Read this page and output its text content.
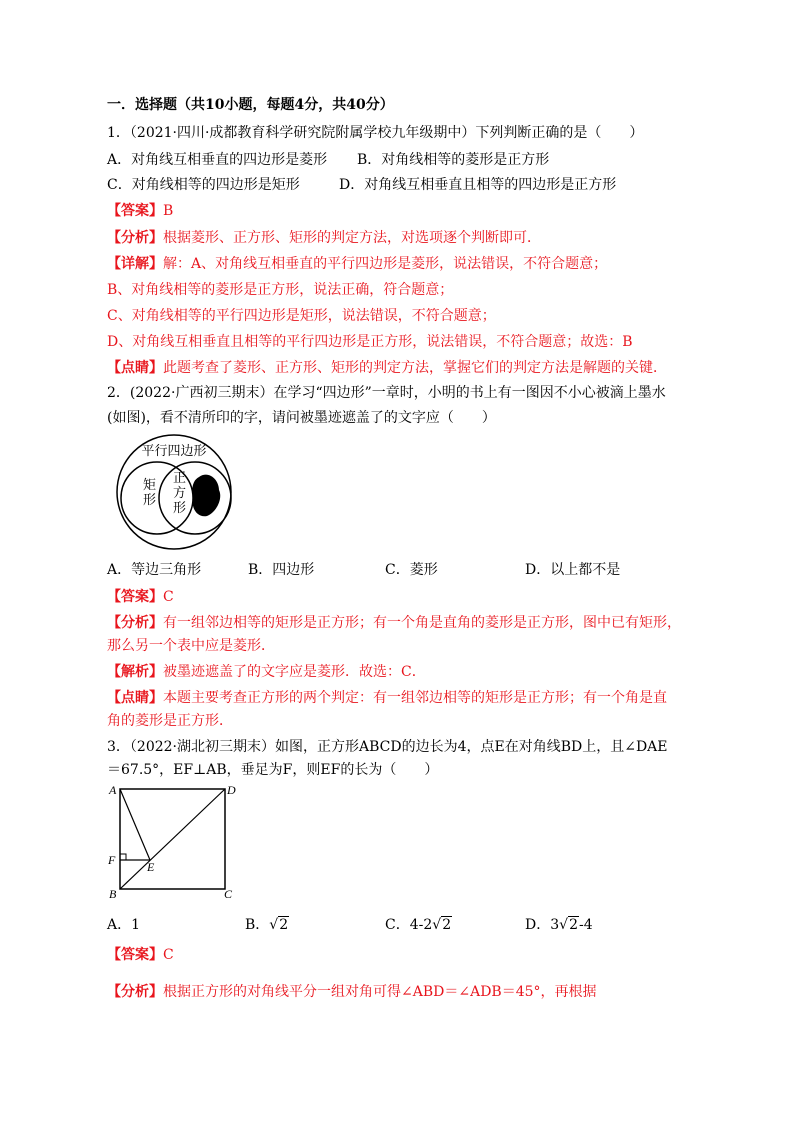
一．选择题（共10小题，每题4分，共40分）
1．（2021·四川·成都教育科学研究院附属学校九年级期中）下列判断正确的是（　　）
A．对角线互相垂直的四边形是菱形 B．对角线相等的菱形是正方形
C．对角线相等的四边形是矩形	D．对角线互相垂直且相等的四边形是正方形
【答案】B
【分析】根据菱形、正方形、矩形的判定方法，对选项逐个判断即可．
【详解】解：A、对角线互相垂直的平行四边形是菱形，说法错误，不符合题意；
B、对角线相等的菱形是正方形，说法正确，符合题意；
C、对角线相等的平行四边形是矩形，说法错误，不符合题意；
D、对角线互相垂直且相等的平行四边形是正方形，说法错误，不符合题意；故选：B
【点睛】此题考查了菱形、正方形、矩形的判定方法，掌握它们的判定方法是解题的关键．
2．(2022·广西初三期末）在学习“四边形”一章时，小明的书上有一图因不小心被滴上墨水
(如图)，看不清所印的字，请问被墨迹遮盖了的文字应（　　）
平行四边形
矩形
正方形
A．等边三角形	B．四边形	C．菱形	D．以上都不是
【答案】C
【分析】有一组邻边相等的矩形是正方形；有一个角是直角的菱形是正方形，图中已有矩形，
那么另一个表中应是菱形．
【解析】被墨迹遮盖了的文字应是菱形．故选：C．
【点睛】本题主要考查正方形的两个判定：有一组邻边相等的矩形是正方形；有一个角是直
角的菱形是正方形．
3．（2022·湖北初三期末）如图，正方形ABCD的边长为4，点E在对角线BD上，且∠DAE
＝67.5°，EF⊥AB，垂足为F，则EF的长为（　　）
A	D
F	E
B	C
A．1	B．√2	C．4-2√2	D．3√2-4
【答案】C
【分析】根据正方形的对角线平分一组对角可得∠ABD＝∠ADB＝45°，再根据
